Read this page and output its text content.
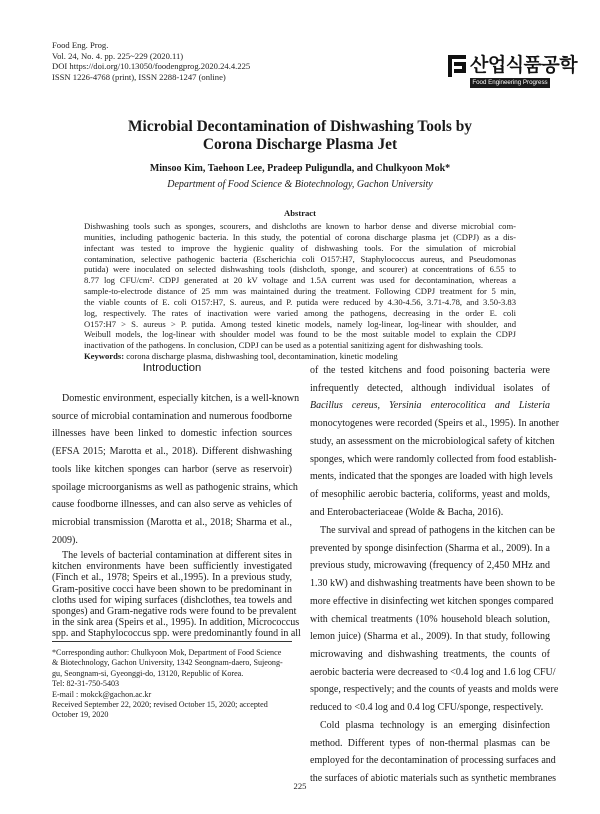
Food Eng. Prog.
Vol. 24, No. 4. pp. 225~229 (2020.11)
DOI https://doi.org/10.13050/foodengprog.2020.24.4.225
ISSN 1226-4768 (print), ISSN 2288-1247 (online)
산업식품공학
Food Engineering Progress
Microbial Decontamination of Dishwashing Tools by
Corona Discharge Plasma Jet
Minsoo Kim, Taehoon Lee, Pradeep Puligundla, and Chulkyoon Mok*
Department of Food Science & Biotechnology, Gachon University
Abstract
Dishwashing tools such as sponges, scourers, and dishcloths are known to harbor dense and diverse microbial com-
munities, including pathogenic bacteria. In this study, the potential of corona discharge plasma jet (CDPJ) as a dis-
infectant was tested to improve the hygienic quality of dishwashing tools. For the simulation of microbial
contamination, selective pathogenic bacteria (Escherichia coli O157:H7, Staphylococcus aureus, and Pseudomonas
putida) were inoculated on selected dishwashing tools (dishcloth, sponge, and scourer) at concentrations of 6.55 to
8.77 log CFU/cm². CDPJ generated at 20 kV voltage and 1.5A current was used for decontamination, whereas a
sample-to-electrode distance of 25 mm was maintained during the treatment. Following CDPJ treatment for 5 min,
the viable counts of E. coli O157:H7, S. aureus, and P. putida were reduced by 4.30-4.56, 3.71-4.78, and 3.50-3.83
log, respectively. The rates of inactivation were varied among the pathogens, decreasing in the order E. coli
O157:H7 > S. aureus > P. putida. Among tested kinetic models, namely log-linear, log-linear with shoulder, and
Weibull models, the log-linear with shoulder model was found to be the most suitable model to explain the CDPJ
inactivation of the pathogens. In conclusion, CDPJ can be used as a potential sanitizing agent for dishwashing tools.
Keywords: corona discharge plasma, dishwashing tool, decontamination, kinetic modeling
Introduction
Domestic environment, especially kitchen, is a well-known
source of microbial contamination and numerous foodborne
illnesses have been linked to domestic infection sources
(EFSA 2015; Marotta et al., 2018). Different dishwashing
tools like kitchen sponges can harbor (serve as reservoir)
spoilage microorganisms as well as pathogenic strains, which
cause foodborne illnesses, and can also serve as vehicles of
microbial transmission (Marotta et al., 2018; Sharma et al.,
2009).
The levels of bacterial contamination at different sites in
kitchen environments have been sufficiently investigated
(Finch et al., 1978; Speirs et al.,1995). In a previous study,
Gram-positive cocci have been shown to be predominant in
cloths used for wiping surfaces (dishclothes, tea towels and
sponges) and Gram-negative rods were found to be prevalent
in the sink area (Speirs et al., 1995). In addition, Micrococcus
spp. and Staphylococcus spp. were predominantly found in all
of the tested kitchens and food poisoning bacteria were
infrequently detected, although individual isolates of
Bacillus cereus, Yersinia enterocolitica and Listeria
monocytogenes were recorded (Speirs et al., 1995). In another
study, an assessment on the microbiological safety of kitchen
sponges, which were randomly collected from food establish-
ments, indicated that the sponges are loaded with high levels
of mesophilic aerobic bacteria, coliforms, yeast and molds,
and Enterobacteriaceae (Wolde & Bacha, 2016).
The survival and spread of pathogens in the kitchen can be
prevented by sponge disinfection (Sharma et al., 2009). In a
previous study, microwaving (frequency of 2,450 MHz and
1.30 kW) and dishwashing treatments have been shown to be
more effective in disinfecting wet kitchen sponges compared
with chemical treatments (10% household bleach solution,
lemon juice) (Sharma et al., 2009). In that study, following
microwaving and dishwashing treatments, the counts of
aerobic bacteria were decreased to <0.4 log and 1.6 log CFU/
sponge, respectively; and the counts of yeasts and molds were
reduced to <0.4 log and 0.4 log CFU/sponge, respectively.
Cold plasma technology is an emerging disinfection
method. Different types of non-thermal plasmas can be
employed for the decontamination of processing surfaces and
the surfaces of abiotic materials such as synthetic membranes
*Corresponding author: Chulkyoon Mok, Department of Food Science
& Biotechnology, Gachon University, 1342 Seongnam-daero, Sujeong-
gu, Seongnam-si, Gyeonggi-do, 13120, Republic of Korea.
Tel: 82-31-750-5403
E-mail : mokck@gachon.ac.kr
Received September 22, 2020; revised October 15, 2020; accepted
October 19, 2020
225
